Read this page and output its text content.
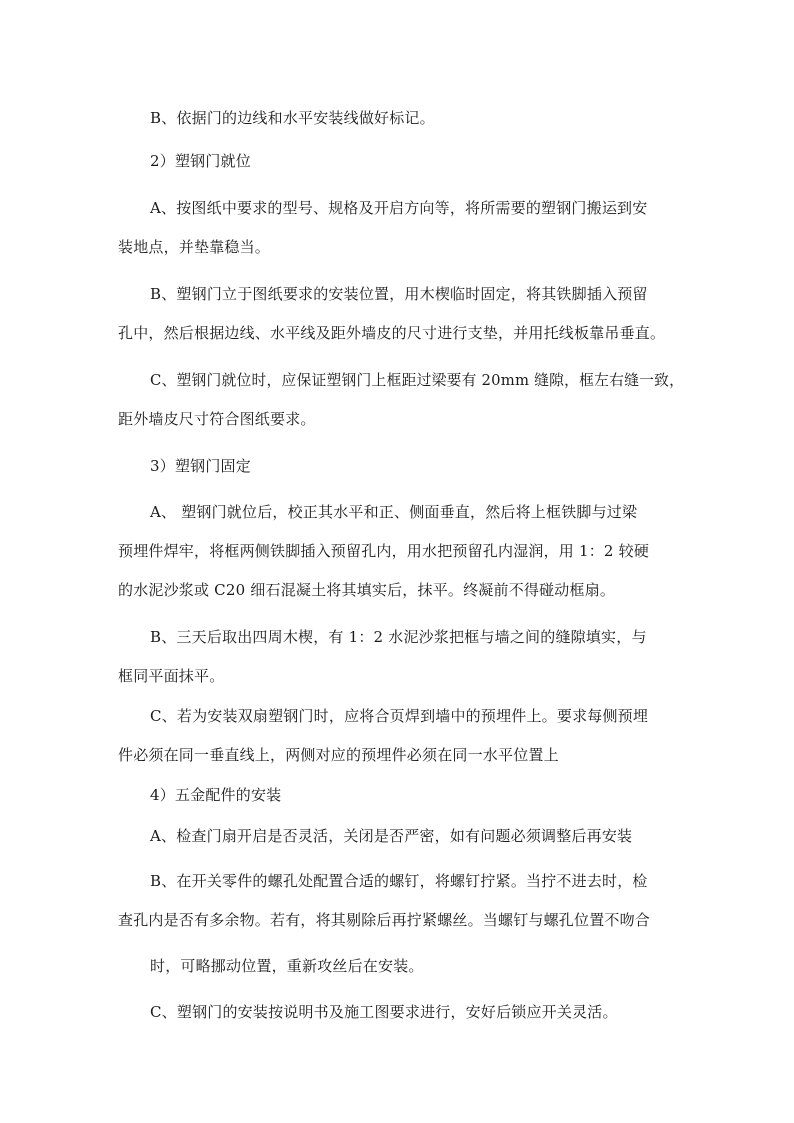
B、依据门的边线和水平安装线做好标记。
2）塑钢门就位
A、按图纸中要求的型号、规格及开启方向等，将所需要的塑钢门搬运到安
装地点，并垫靠稳当。
B、塑钢门立于图纸要求的安装位置，用木楔临时固定，将其铁脚插入预留
孔中，然后根据边线、水平线及距外墙皮的尺寸进行支垫，并用托线板靠吊垂直。
C、塑钢门就位时，应保证塑钢门上框距过梁要有 20mm 缝隙，框左右缝一致，
距外墙皮尺寸符合图纸要求。
3）塑钢门固定
A、 塑钢门就位后，校正其水平和正、侧面垂直，然后将上框铁脚与过梁
预埋件焊牢，将框两侧铁脚插入预留孔内，用水把预留孔内湿润，用 1：2 较硬
的水泥沙浆或 C20 细石混凝土将其填实后，抹平。终凝前不得碰动框扇。
B、三天后取出四周木楔，有 1：2 水泥沙浆把框与墙之间的缝隙填实，与
框同平面抹平。
C、若为安装双扇塑钢门时，应将合页焊到墙中的预埋件上。要求每侧预埋
件必须在同一垂直线上，两侧对应的预埋件必须在同一水平位置上
4）五金配件的安装
A、检查门扇开启是否灵活，关闭是否严密，如有问题必须调整后再安装
B、在开关零件的螺孔处配置合适的螺钉，将螺钉拧紧。当拧不进去时，检
查孔内是否有多余物。若有，将其剔除后再拧紧螺丝。当螺钉与螺孔位置不吻合
时，可略挪动位置，重新攻丝后在安装。
C、塑钢门的安装按说明书及施工图要求进行，安好后锁应开关灵活。
